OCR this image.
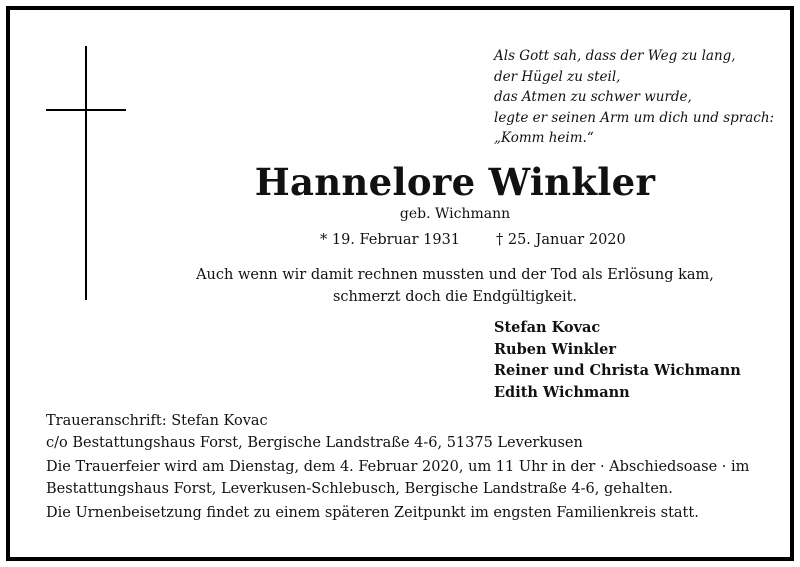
Als Gott sah, dass der Weg zu lang,
der Hügel zu steil,
das Atmen zu schwer wurde,
legte er seinen Arm um dich und sprach:
„Komm heim.“
Hannelore Winkler
geb. Wichmann
* 19. Februar 1931 † 25. Januar 2020
Auch wenn wir damit rechnen mussten und der Tod als Erlösung kam,
schmerzt doch die Endgültigkeit.
Stefan Kovac
Ruben Winkler
Reiner und Christa Wichmann
Edith Wichmann
Traueranschrift: Stefan Kovac
c/o Bestattungshaus Forst, Bergische Landstraße 4-6, 51375 Leverkusen
Die Trauerfeier wird am Dienstag, dem 4. Februar 2020, um 11 Uhr in der · Abschiedsoase · im
Bestattungshaus Forst, Leverkusen-Schlebusch, Bergische Landstraße 4-6, gehalten.
Die Urnenbeisetzung findet zu einem späteren Zeitpunkt im engsten Familienkreis statt.
